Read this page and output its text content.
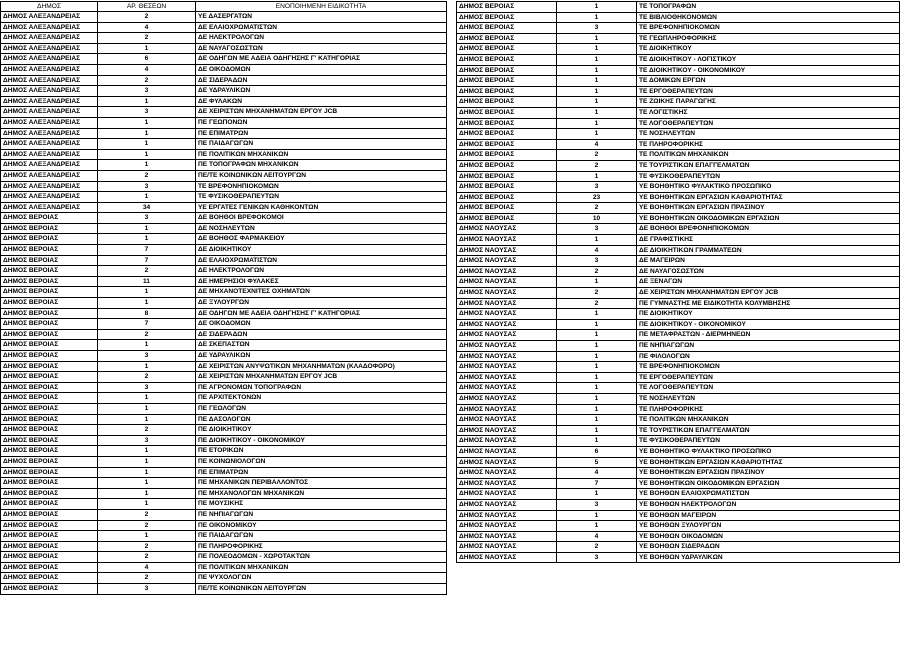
ΔΗΜΟΣ	ΑΡ. ΘΕΣΕΩΝ	ΕΝΟΠΟΙΗΜΕΝΗ ΕΙΔΙΚΟΤΗΤΑ
ΔΗΜΟΣ ΑΛΕΞΑΝΔΡΕΙΑΣ	2	ΥΕ ΔΑΣΕΡΓΑΤΩΝ
ΔΗΜΟΣ ΑΛΕΞΑΝΔΡΕΙΑΣ	4	ΔΕ ΕΛΑΙΟΧΡΩΜΑΤΙΣΤΩΝ
ΔΗΜΟΣ ΑΛΕΞΑΝΔΡΕΙΑΣ	2	ΔΕ ΗΛΕΚΤΡΟΛΟΓΩΝ
ΔΗΜΟΣ ΑΛΕΞΑΝΔΡΕΙΑΣ	1	ΔΕ ΝΑΥΑΓΟΣΩΣΤΩΝ
ΔΗΜΟΣ ΑΛΕΞΑΝΔΡΕΙΑΣ	6	ΔΕ ΟΔΗΓΩΝ ΜΕ ΑΔΕΙΑ ΟΔΗΓΗΣΗΣ Γ' ΚΑΤΗΓΟΡΙΑΣ
ΔΗΜΟΣ ΑΛΕΞΑΝΔΡΕΙΑΣ	4	ΔΕ ΟΙΚΟΔΟΜΩΝ
ΔΗΜΟΣ ΑΛΕΞΑΝΔΡΕΙΑΣ	2	ΔΕ ΣΙΔΕΡΑΔΩΝ
ΔΗΜΟΣ ΑΛΕΞΑΝΔΡΕΙΑΣ	3	ΔΕ ΥΔΡΑΥΛΙΚΩΝ
ΔΗΜΟΣ ΑΛΕΞΑΝΔΡΕΙΑΣ	1	ΔΕ ΦΥΛΑΚΩΝ
ΔΗΜΟΣ ΑΛΕΞΑΝΔΡΕΙΑΣ	3	ΔΕ ΧΕΙΡΙΣΤΩΝ ΜΗΧΑΝΗΜΑΤΩΝ ΕΡΓΟΥ JCB
ΔΗΜΟΣ ΑΛΕΞΑΝΔΡΕΙΑΣ	1	ΠΕ ΓΕΩΠΟΝΩΝ
ΔΗΜΟΣ ΑΛΕΞΑΝΔΡΕΙΑΣ	1	ΠΕ ΕΠΙΜΑΤΡΩΝ
ΔΗΜΟΣ ΑΛΕΞΑΝΔΡΕΙΑΣ	1	ΠΕ ΠΑΙΔΑΓΩΓΩΝ
ΔΗΜΟΣ ΑΛΕΞΑΝΔΡΕΙΑΣ	1	ΠΕ ΠΟΛΙΤΙΚΩΝ ΜΗΧΑΝΙΚΩΝ
ΔΗΜΟΣ ΑΛΕΞΑΝΔΡΕΙΑΣ	1	ΠΕ ΤΟΠΟΓΡΑΦΩΝ ΜΗΧΑΝΙΚΩΝ
ΔΗΜΟΣ ΑΛΕΞΑΝΔΡΕΙΑΣ	2	ΠΕ/ΤΕ ΚΟΙΝΩΝΙΚΩΝ ΛΕΙΤΟΥΡΓΩΝ
ΔΗΜΟΣ ΑΛΕΞΑΝΔΡΕΙΑΣ	3	ΤΕ ΒΡΕΦΟΝΗΠΙΟΚΟΜΩΝ
ΔΗΜΟΣ ΑΛΕΞΑΝΔΡΕΙΑΣ	1	ΤΕ ΦΥΣΙΚΟΘΕΡΑΠΕΥΤΩΝ
ΔΗΜΟΣ ΑΛΕΞΑΝΔΡΕΙΑΣ	34	ΥΕ ΕΡΓΑΤΕΣ ΓΕΝΙΚΩΝ ΚΑΘΗΚΟΝΤΩΝ
ΔΗΜΟΣ ΒΕΡΟΙΑΣ	3	ΔΕ ΒΟΗΘΟΙ ΒΡΕΦΟΚΟΜΟΙ
ΔΗΜΟΣ ΒΕΡΟΙΑΣ	1	ΔΕ ΝΟΣΗΛΕΥΤΩΝ
ΔΗΜΟΣ ΒΕΡΟΙΑΣ	1	ΔΕ ΒΟΗΘΟΣ ΦΑΡΜΑΚΕΙΟΥ
ΔΗΜΟΣ ΒΕΡΟΙΑΣ	7	ΔΕ ΔΙΟΙΚΗΤΙΚΟΥ
ΔΗΜΟΣ ΒΕΡΟΙΑΣ	7	ΔΕ ΕΛΑΙΟΧΡΩΜΑΤΙΣΤΩΝ
ΔΗΜΟΣ ΒΕΡΟΙΑΣ	2	ΔΕ ΗΛΕΚΤΡΟΛΟΓΩΝ
ΔΗΜΟΣ ΒΕΡΟΙΑΣ	11	ΔΕ ΗΜΕΡΗΣΙΟΙ ΦΥΛΑΚΕΣ
ΔΗΜΟΣ ΒΕΡΟΙΑΣ	1	ΔΕ ΜΗΧΑΝΟΤΕΧΝΙΤΕΣ ΟΧΗΜΑΤΩΝ
ΔΗΜΟΣ ΒΕΡΟΙΑΣ	1	ΔΕ ΞΥΛΟΥΡΓΩΝ
ΔΗΜΟΣ ΒΕΡΟΙΑΣ	8	ΔΕ ΟΔΗΓΩΝ ΜΕ ΑΔΕΙΑ ΟΔΗΓΗΣΗΣ Γ' ΚΑΤΗΓΟΡΙΑΣ
ΔΗΜΟΣ ΒΕΡΟΙΑΣ	7	ΔΕ ΟΙΚΟΔΟΜΩΝ
ΔΗΜΟΣ ΒΕΡΟΙΑΣ	2	ΔΕ ΣΙΔΕΡΑΔΩΝ
ΔΗΜΟΣ ΒΕΡΟΙΑΣ	1	ΔΕ ΣΚΕΠΑΣΤΩΝ
ΔΗΜΟΣ ΒΕΡΟΙΑΣ	3	ΔΕ ΥΔΡΑΥΛΙΚΩΝ
ΔΗΜΟΣ ΒΕΡΟΙΑΣ	1	ΔΕ ΧΕΙΡΙΣΤΩΝ ΑΝΥΨΩΤΙΚΩΝ ΜΗΧΑΝΗΜΑΤΩΝ (ΚΛΑΔΟΦΟΡΟ)
ΔΗΜΟΣ ΒΕΡΟΙΑΣ	2	ΔΕ ΧΕΙΡΙΣΤΩΝ ΜΗΧΑΝΗΜΑΤΩΝ ΕΡΓΟΥ JCB
ΔΗΜΟΣ ΒΕΡΟΙΑΣ	3	ΠΕ ΑΓΡΟΝΟΜΩΝ ΤΟΠΟΓΡΑΦΩΝ
ΔΗΜΟΣ ΒΕΡΟΙΑΣ	1	ΠΕ ΑΡΧΙΤΕΚΤΟΝΩΝ
ΔΗΜΟΣ ΒΕΡΟΙΑΣ	1	ΠΕ ΓΕΩΛΟΓΩΝ
ΔΗΜΟΣ ΒΕΡΟΙΑΣ	1	ΠΕ ΔΑΣΟΛΟΓΩΝ
ΔΗΜΟΣ ΒΕΡΟΙΑΣ	2	ΠΕ ΔΙΟΙΚΗΤΙΚΟΥ
ΔΗΜΟΣ ΒΕΡΟΙΑΣ	3	ΠΕ ΔΙΟΙΚΗΤΙΚΟΥ - ΟΙΚΟΝΟΜΙΚΟΥ
ΔΗΜΟΣ ΒΕΡΟΙΑΣ	1	ΠΕ ΕΤΟΡΙΚΩΝ
ΔΗΜΟΣ ΒΕΡΟΙΑΣ	1	ΠΕ ΚΟΙΝΩΝΙΟΛΟΓΩΝ
ΔΗΜΟΣ ΒΕΡΟΙΑΣ	1	ΠΕ ΕΠΙΜΑΤΡΩΝ
ΔΗΜΟΣ ΒΕΡΟΙΑΣ	1	ΠΕ ΜΗΧΑΝΙΚΩΝ ΠΕΡΙΒΑΛΛΟΝΤΟΣ
ΔΗΜΟΣ ΒΕΡΟΙΑΣ	1	ΠΕ ΜΗΧΑΝΟΛΟΓΩΝ ΜΗΧΑΝΙΚΩΝ
ΔΗΜΟΣ ΒΕΡΟΙΑΣ	1	ΠΕ ΜΟΥΣΙΚΗΣ
ΔΗΜΟΣ ΒΕΡΟΙΑΣ	2	ΠΕ ΝΗΠΙΑΓΩΓΩΝ
ΔΗΜΟΣ ΒΕΡΟΙΑΣ	2	ΠΕ ΟΙΚΟΝΟΜΙΚΟΥ
ΔΗΜΟΣ ΒΕΡΟΙΑΣ	1	ΠΕ ΠΑΙΔΑΓΩΓΩΝ
ΔΗΜΟΣ ΒΕΡΟΙΑΣ	2	ΠΕ ΠΛΗΡΟΦΟΡΙΚΗΣ
ΔΗΜΟΣ ΒΕΡΟΙΑΣ	2	ΠΕ ΠΟΛΕΟΔΟΜΩΝ - ΧΩΡΟΤΑΚΤΩΝ
ΔΗΜΟΣ ΒΕΡΟΙΑΣ	4	ΠΕ ΠΟΛΙΤΙΚΩΝ ΜΗΧΑΝΙΚΩΝ
ΔΗΜΟΣ ΒΕΡΟΙΑΣ	2	ΠΕ ΨΥΧΟΛΟΓΩΝ
ΔΗΜΟΣ ΒΕΡΟΙΑΣ	3	ΠΕ/ΤΕ ΚΟΙΝΩΝΙΚΩΝ ΛΕΙΤΟΥΡΓΩΝ
ΔΗΜΟΣ ΒΕΡΟΙΑΣ	1	ΤΕ ΤΟΠΟΓΡΑΦΩΝ
ΔΗΜΟΣ ΒΕΡΟΙΑΣ	1	ΤΕ ΒΙΒΛΙΟΘΗΚΟΝΟΜΩΝ
ΔΗΜΟΣ ΒΕΡΟΙΑΣ	3	ΤΕ ΒΡΕΦΟΝΗΠΙΟΚΟΜΩΝ
ΔΗΜΟΣ ΒΕΡΟΙΑΣ	1	ΤΕ ΓΕΩΠΛΗΡΟΦΟΡΙΚΗΣ
ΔΗΜΟΣ ΒΕΡΟΙΑΣ	1	ΤΕ ΔΙΟΙΚΗΤΙΚΟΥ
ΔΗΜΟΣ ΒΕΡΟΙΑΣ	1	ΤΕ ΔΙΟΙΚΗΤΙΚΟΥ - ΛΟΓΙΣΤΙΚΟΥ
ΔΗΜΟΣ ΒΕΡΟΙΑΣ	1	ΤΕ ΔΙΟΙΚΗΤΙΚΟΥ - ΟΙΚΟΝΟΜΙΚΟΥ
ΔΗΜΟΣ ΒΕΡΟΙΑΣ	1	ΤΕ ΔΟΜΙΚΩΝ ΕΡΓΩΝ
ΔΗΜΟΣ ΒΕΡΟΙΑΣ	1	ΤΕ ΕΡΓΟΘΕΡΑΠΕΥΤΩΝ
ΔΗΜΟΣ ΒΕΡΟΙΑΣ	1	ΤΕ ΖΩΙΚΗΣ ΠΑΡΑΓΩΓΗΣ
ΔΗΜΟΣ ΒΕΡΟΙΑΣ	1	ΤΕ ΛΟΓΙΣΤΙΚΗΣ
ΔΗΜΟΣ ΒΕΡΟΙΑΣ	1	ΤΕ ΛΟΓΟΘΕΡΑΠΕΥΤΩΝ
ΔΗΜΟΣ ΒΕΡΟΙΑΣ	1	ΤΕ ΝΟΣΗΛΕΥΤΩΝ
ΔΗΜΟΣ ΒΕΡΟΙΑΣ	4	ΤΕ ΠΛΗΡΟΦΟΡΙΚΗΣ
ΔΗΜΟΣ ΒΕΡΟΙΑΣ	2	ΤΕ ΠΟΛΙΤΙΚΩΝ ΜΗΧΑΝΙΚΩΝ
ΔΗΜΟΣ ΒΕΡΟΙΑΣ	2	ΤΕ ΤΟΥΡΙΣΤΙΚΩΝ ΕΠΑΓΓΕΛΜΑΤΩΝ
ΔΗΜΟΣ ΒΕΡΟΙΑΣ	1	ΤΕ ΦΥΣΙΚΟΘΕΡΑΠΕΥΤΩΝ
ΔΗΜΟΣ ΒΕΡΟΙΑΣ	3	ΥΕ ΒΟΗΘΗΤΙΚΟ ΦΥΛΑΚΤΙΚΟ ΠΡΟΣΩΠΙΚΟ
ΔΗΜΟΣ ΒΕΡΟΙΑΣ	23	ΥΕ ΒΟΗΘΗΤΙΚΩΝ ΕΡΓΑΣΙΩΝ ΚΑΘΑΡΙΟΤΗΤΑΣ
ΔΗΜΟΣ ΒΕΡΟΙΑΣ	2	ΥΕ ΒΟΗΘΗΤΙΚΩΝ ΕΡΓΑΣΙΩΝ ΠΡΑΣΙΝΟΥ
ΔΗΜΟΣ ΒΕΡΟΙΑΣ	10	ΥΕ ΒΟΗΘΗΤΙΚΩΝ ΟΙΚΟΔΟΜΙΚΩΝ ΕΡΓΑΣΙΩΝ
ΔΗΜΟΣ ΝΑΟΥΣΑΣ	3	ΔΕ ΒΟΗΘΟΙ ΒΡΕΦΟΝΗΠΙΟΚΟΜΩΝ
ΔΗΜΟΣ ΝΑΟΥΣΑΣ	1	ΔΕ ΓΡΑΦΙΣΤΙΚΗΣ
ΔΗΜΟΣ ΝΑΟΥΣΑΣ	4	ΔΕ ΔΙΟΙΚΗΤΙΚΩΝ ΓΡΑΜΜΑΤΕΩΝ
ΔΗΜΟΣ ΝΑΟΥΣΑΣ	3	ΔΕ ΜΑΓΕΙΡΩΝ
ΔΗΜΟΣ ΝΑΟΥΣΑΣ	2	ΔΕ ΝΑΥΑΓΟΣΩΣΤΩΝ
ΔΗΜΟΣ ΝΑΟΥΣΑΣ	1	ΔΕ ΞΕΝΑΓΩΝ
ΔΗΜΟΣ ΝΑΟΥΣΑΣ	2	ΔΕ ΧΕΙΡΙΣΤΩΝ ΜΗΧΑΝΗΜΑΤΩΝ ΕΡΓΟΥ JCB
ΔΗΜΟΣ ΝΑΟΥΣΑΣ	2	ΠΕ ΓΥΜΝΑΣΤΗΣ ΜΕ ΕΙΔΙΚΟΤΗΤΑ ΚΟΛΥΜΒΗΣΗΣ
ΔΗΜΟΣ ΝΑΟΥΣΑΣ	1	ΠΕ ΔΙΟΙΚΗΤΙΚΟΥ
ΔΗΜΟΣ ΝΑΟΥΣΑΣ	1	ΠΕ ΔΙΟΙΚΗΤΙΚΟΥ - ΟΙΚΟΝΟΜΙΚΟΥ
ΔΗΜΟΣ ΝΑΟΥΣΑΣ	1	ΠΕ ΜΕΤΑΦΡΑΣΤΩΝ - ΔΙΕΡΜΗΝΕΩΝ
ΔΗΜΟΣ ΝΑΟΥΣΑΣ	1	ΠΕ ΝΗΠΙΑΓΩΓΩΝ
ΔΗΜΟΣ ΝΑΟΥΣΑΣ	1	ΠΕ ΦΙΛΟΛΟΓΩΝ
ΔΗΜΟΣ ΝΑΟΥΣΑΣ	1	ΤΕ ΒΡΕΦΟΝΗΠΙΟΚΟΜΩΝ
ΔΗΜΟΣ ΝΑΟΥΣΑΣ	1	ΤΕ ΕΡΓΟΘΕΡΑΠΕΥΤΩΝ
ΔΗΜΟΣ ΝΑΟΥΣΑΣ	1	ΤΕ ΛΟΓΟΘΕΡΑΠΕΥΤΩΝ
ΔΗΜΟΣ ΝΑΟΥΣΑΣ	1	ΤΕ ΝΟΣΗΛΕΥΤΩΝ
ΔΗΜΟΣ ΝΑΟΥΣΑΣ	1	ΤΕ ΠΛΗΡΟΦΟΡΙΚΗΣ
ΔΗΜΟΣ ΝΑΟΥΣΑΣ	1	ΤΕ ΠΟΛΙΤΙΚΩΝ ΜΗΧΑΝΙΚΩΝ
ΔΗΜΟΣ ΝΑΟΥΣΑΣ	1	ΤΕ ΤΟΥΡΙΣΤΙΚΩΝ ΕΠΑΓΓΕΛΜΑΤΩΝ
ΔΗΜΟΣ ΝΑΟΥΣΑΣ	1	ΤΕ ΦΥΣΙΚΟΘΕΡΑΠΕΥΤΩΝ
ΔΗΜΟΣ ΝΑΟΥΣΑΣ	6	ΥΕ ΒΟΗΘΗΤΙΚΟ ΦΥΛΑΚΤΙΚΟ ΠΡΟΣΩΠΙΚΟ
ΔΗΜΟΣ ΝΑΟΥΣΑΣ	5	ΥΕ ΒΟΗΘΗΤΙΚΩΝ ΕΡΓΑΣΙΩΝ ΚΑΘΑΡΙΟΤΗΤΑΣ
ΔΗΜΟΣ ΝΑΟΥΣΑΣ	4	ΥΕ ΒΟΗΘΗΤΙΚΩΝ ΕΡΓΑΣΙΩΝ ΠΡΑΣΙΝΟΥ
ΔΗΜΟΣ ΝΑΟΥΣΑΣ	7	ΥΕ ΒΟΗΘΗΤΙΚΩΝ ΟΙΚΟΔΟΜΙΚΩΝ ΕΡΓΑΣΙΩΝ
ΔΗΜΟΣ ΝΑΟΥΣΑΣ	1	ΥΕ ΒΟΗΘΩΝ ΕΛΑΙΟΧΡΩΜΑΤΙΣΤΩΝ
ΔΗΜΟΣ ΝΑΟΥΣΑΣ	3	ΥΕ ΒΟΗΘΩΝ ΗΛΕΚΤΡΟΛΟΓΩΝ
ΔΗΜΟΣ ΝΑΟΥΣΑΣ	1	ΥΕ ΒΟΗΘΩΝ ΜΑΓΕΙΡΩΝ
ΔΗΜΟΣ ΝΑΟΥΣΑΣ	1	ΥΕ ΒΟΗΘΩΝ ΞΥΛΟΥΡΓΩΝ
ΔΗΜΟΣ ΝΑΟΥΣΑΣ	4	ΥΕ ΒΟΗΘΩΝ ΟΙΚΟΔΟΜΩΝ
ΔΗΜΟΣ ΝΑΟΥΣΑΣ	2	ΥΕ ΒΟΗΘΩΝ ΣΙΔΕΡΑΔΩΝ
ΔΗΜΟΣ ΝΑΟΥΣΑΣ	3	ΥΕ ΒΟΗΘΩΝ ΥΔΡΑΥΛΙΚΩΝ
